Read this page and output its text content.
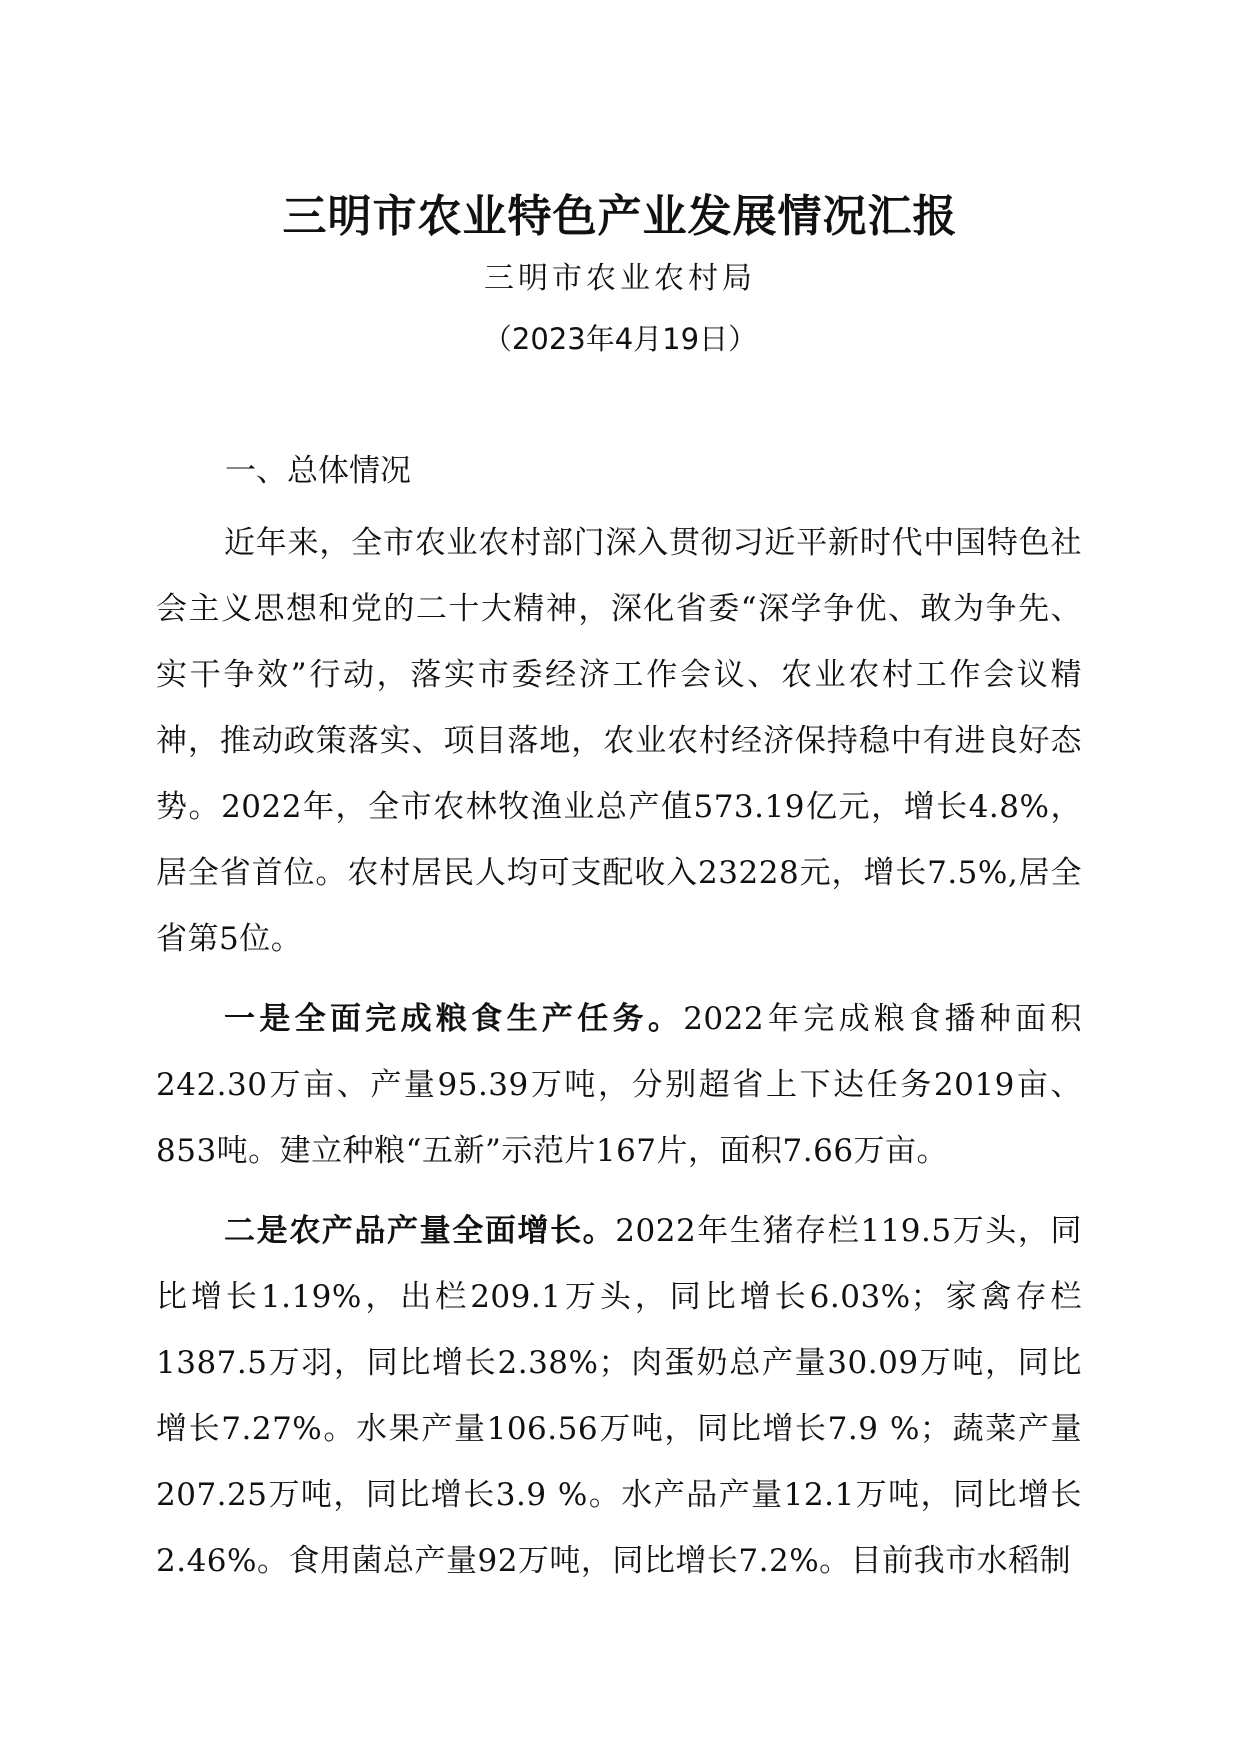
三明市农业特色产业发展情况汇报
三明市农业农村局
（2023年4月19日）
一、总体情况

近年来，全市农业农村部门深入贯彻习近平新时代中国特色社会主义思想和党的二十大精神，深化省委“深学争优、敢为争先、实干争效”行动，落实市委经济工作会议、农业农村工作会议精神，推动政策落实、项目落地，农业农村经济保持稳中有进良好态势。2022年，全市农林牧渔业总产值573.19亿元，增长4.8%，居全省首位。农村居民人均可支配收入23228元，增长7.5%,居全省第5位。

一是全面完成粮食生产任务。2022年完成粮食播种面积242.30万亩、产量95.39万吨，分别超省上下达任务2019亩、853吨。建立种粮“五新”示范片167片，面积7.66万亩。

二是农产品产量全面增长。2022年生猪存栏119.5万头，同比增长1.19%，出栏209.1万头，同比增长6.03%；家禽存栏1387.5万羽，同比增长2.38%；肉蛋奶总产量30.09万吨，同比增长7.27%。水果产量106.56万吨，同比增长7.9 %；蔬菜产量207.25万吨，同比增长3.9 %。水产品产量12.1万吨，同比增长2.46%。食用菌总产量92万吨，同比增长7.2%。目前我市水稻制
